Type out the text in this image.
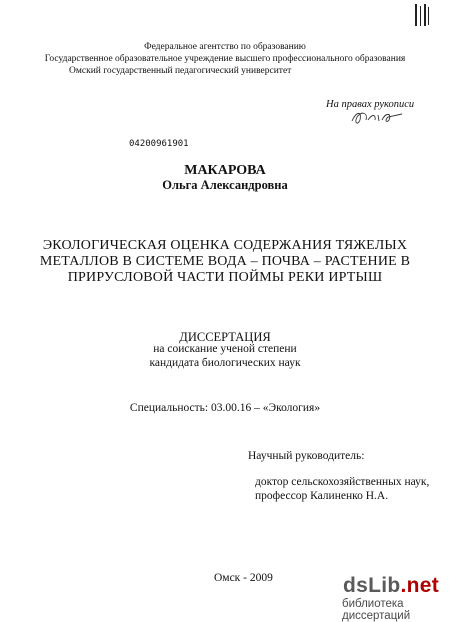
Федеральное агентство по образованию
Государственное образовательное учреждение высшего профессионального образования
Омский государственный педагогический университет
На правах рукописи
04200961901
МАКАРОВА
Ольга Александровна
ЭКОЛОГИЧЕСКАЯ ОЦЕНКА СОДЕРЖАНИЯ ТЯЖЕЛЫХ
МЕТАЛЛОВ В СИСТЕМЕ ВОДА – ПОЧВА – РАСТЕНИЕ В
ПРИРУСЛОВОЙ ЧАСТИ ПОЙМЫ РЕКИ ИРТЫШ
ДИССЕРТАЦИЯ
на соискание ученой степени
кандидата биологических наук
Специальность: 03.00.16 – «Экология»
Научный руководитель:
доктор сельскохозяйственных наук,
профессор Калиненко Н.А.
Омск - 2009	dsLib.net
библиотека диссертаций
